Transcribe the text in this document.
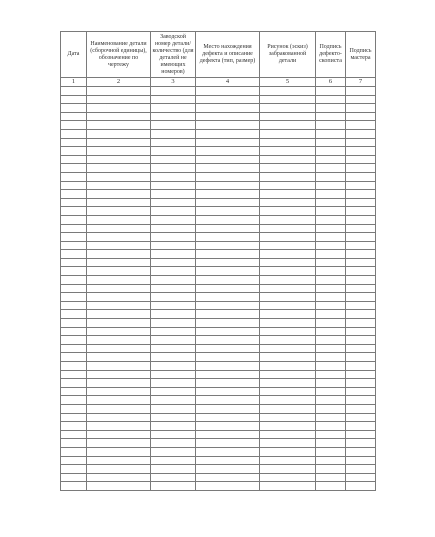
Дата	Наименование детали (сборочной единицы), обозначение по чертежу	Заводской номер детали/ количество (для деталей не имеющих номеров)	Место нахождения дефекта и описание дефекта (тип, размер)	Рисунок (эскиз) забракованной детали	Подпись дефекто-скописта	Подпись мастера
1	2	3	4	5	6	7
